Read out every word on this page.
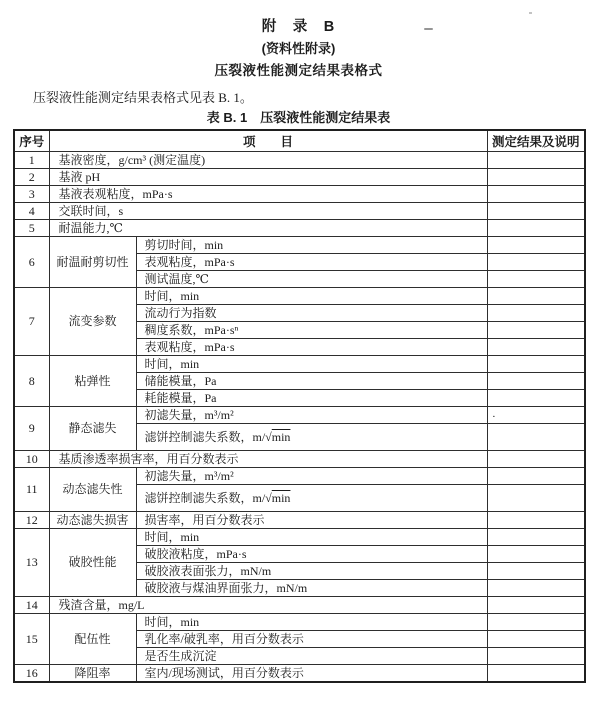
附　录　B
(资料性附录)
压裂液性能测定结果表格式

压裂液性能测定结果表格式见表 B. 1。

表 B. 1　压裂液性能测定结果表
序号	项　　目		测定结果及说明
1	基液密度，g/cm³ (测定温度)		
2	基液 pH		
3	基液表观粘度，mPa·s		
4	交联时间，s		
5	耐温能力,℃		
6	耐温耐剪切性	剪切时间，min	
		表观粘度，mPa·s	
		测试温度,℃	
7	流变参数	时间，min	
		流动行为指数	
		稠度系数，mPa·sⁿ	
		表观粘度，mPa·s	
8	粘弹性	时间，min	
		储能模量，Pa	
		耗能模量，Pa	
9	静态滤失	初滤失量，m³/m²	.
		滤饼控制滤失系数，m/√min	
10	基质渗透率损害率，用百分数表示		
11	动态滤失性	初滤失量，m³/m²	
		滤饼控制滤失系数，m/√min	
12	动态滤失损害	损害率，用百分数表示	
13	破胶性能	时间，min	
		破胶液粘度，mPa·s	
		破胶液表面张力，mN/m	
		破胶液与煤油界面张力，mN/m	
14	残渣含量，mg/L		
15	配伍性	时间，min	
		乳化率/破乳率，用百分数表示	
		是否生成沉淀	
16	降阻率	室内/现场测试，用百分数表示	
